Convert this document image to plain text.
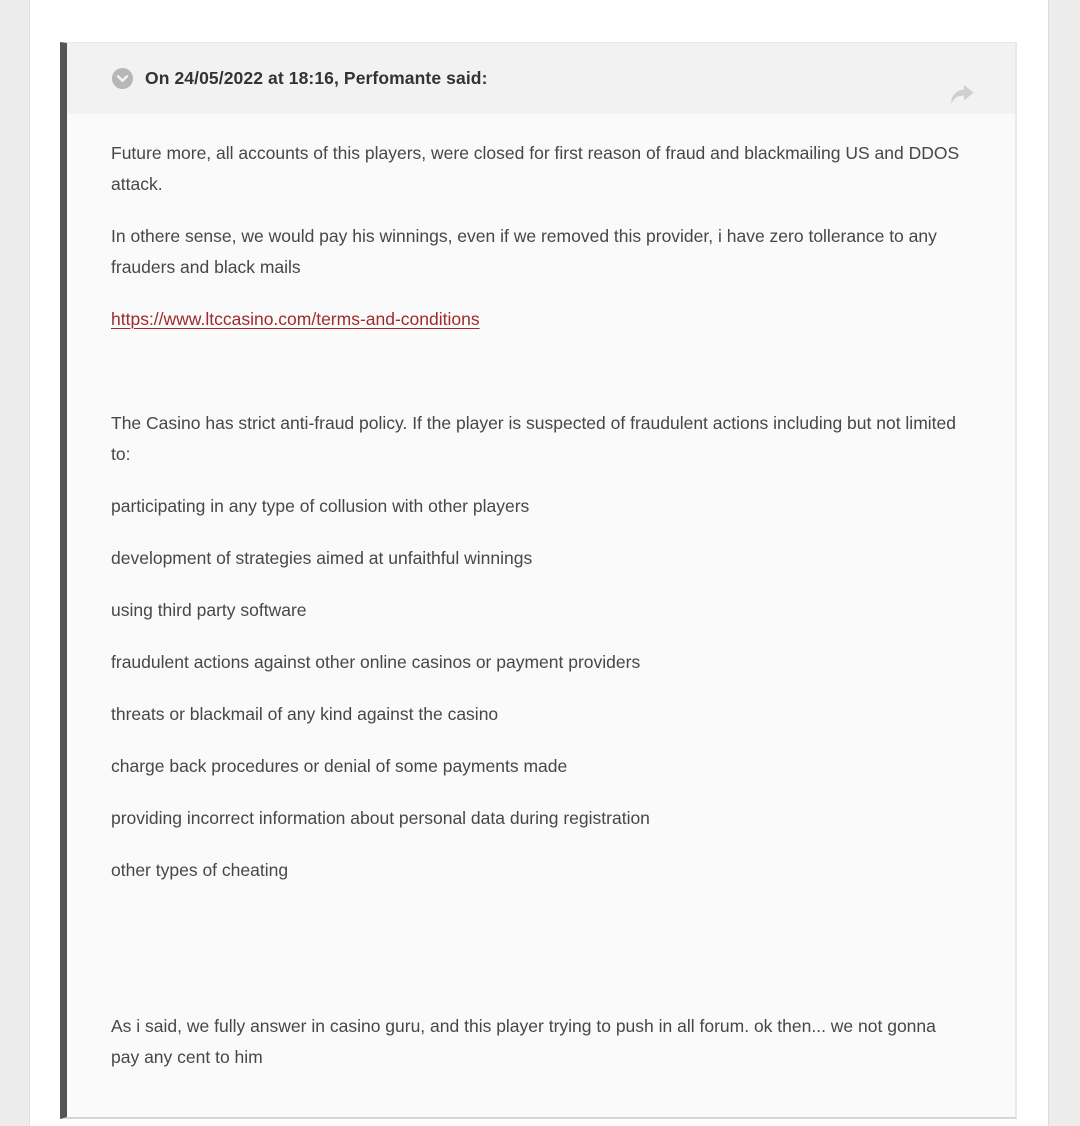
On 24/05/2022 at 18:16, Perfomante said:

Future more, all accounts of this players, were closed for first reason of fraud and blackmailing US and DDOS attack.

In othere sense, we would pay his winnings, even if we removed this provider, i have zero tollerance to any frauders and black mails

https://www.ltccasino.com/terms-and-conditions

The Casino has strict anti-fraud policy. If the player is suspected of fraudulent actions including but not limited to:

participating in any type of collusion with other players

development of strategies aimed at unfaithful winnings

using third party software

fraudulent actions against other online casinos or payment providers

threats or blackmail of any kind against the casino

charge back procedures or denial of some payments made

providing incorrect information about personal data during registration

other types of cheating

As i said, we fully answer in casino guru, and this player trying to push in all forum. ok then... we not gonna pay any cent to him
